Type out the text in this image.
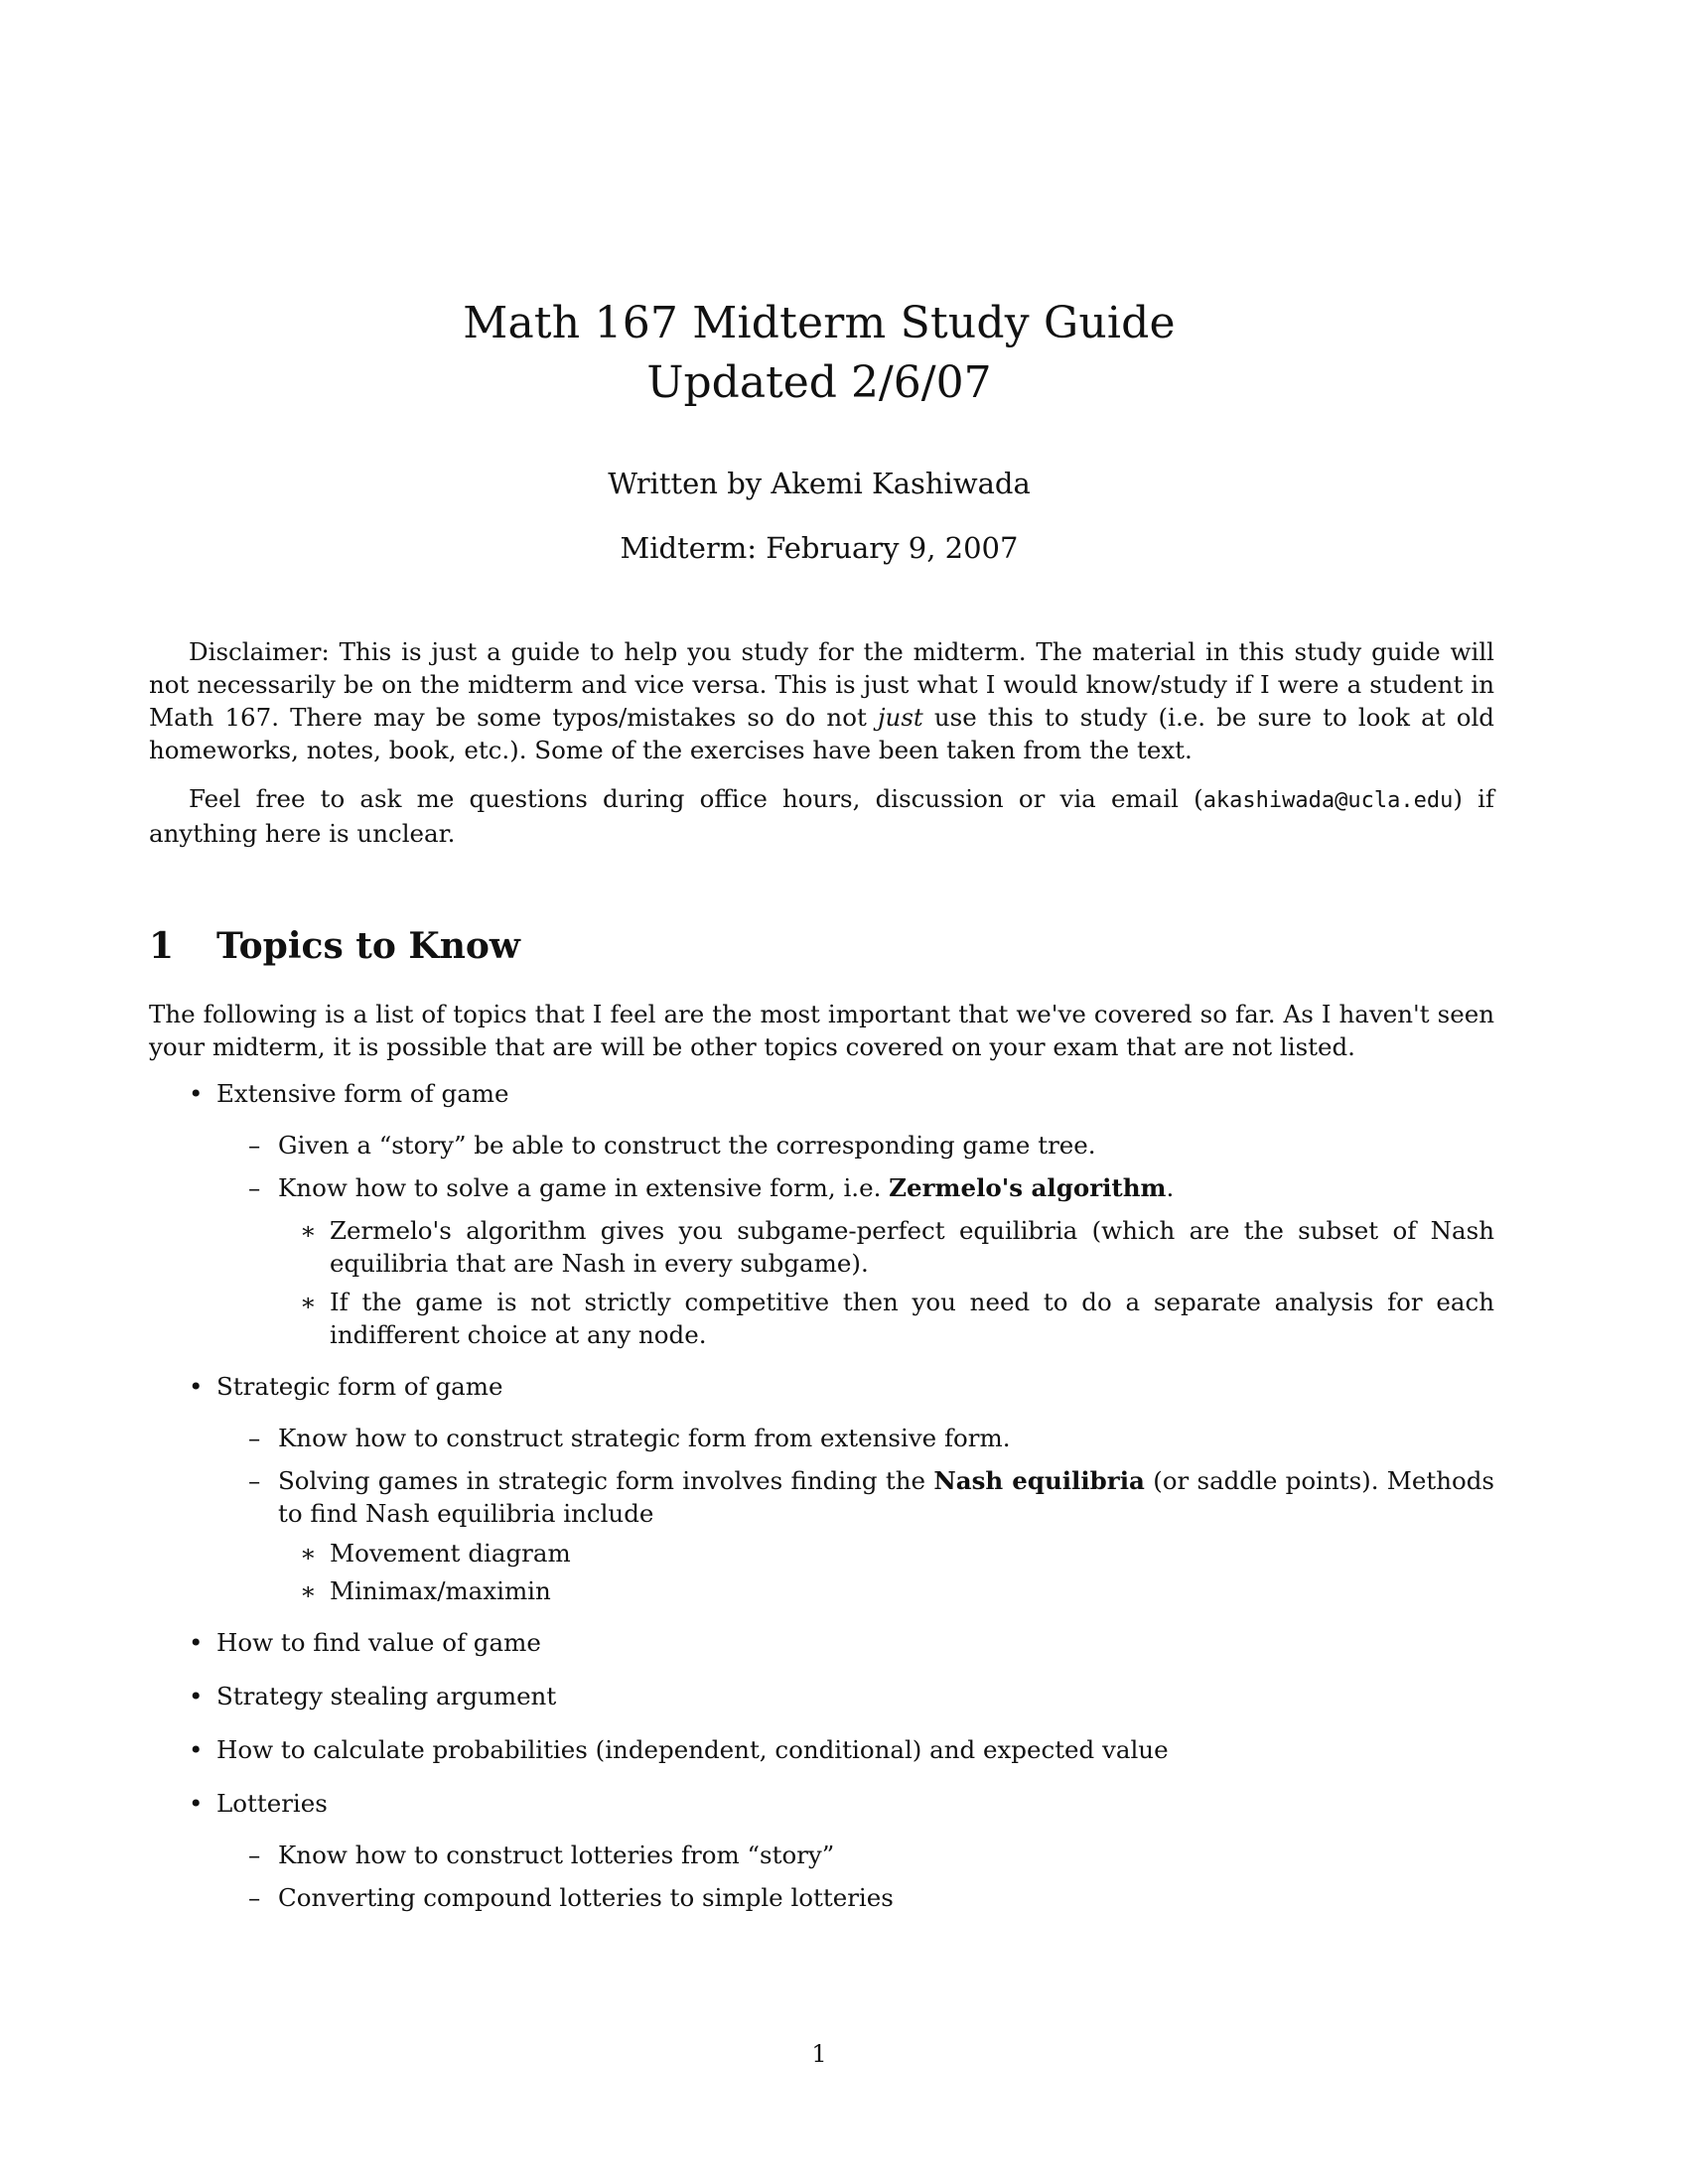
Math 167 Midterm Study Guide
Updated 2/6/07
Written by Akemi Kashiwada
Midterm: February 9, 2007
Disclaimer: This is just a guide to help you study for the midterm. The material in this study guide will not necessarily be on the midterm and vice versa. This is just what I would know/study if I were a student in Math 167. There may be some typos/mistakes so do not just use this to study (i.e. be sure to look at old homeworks, notes, book, etc.). Some of the exercises have been taken from the text.
Feel free to ask me questions during office hours, discussion or via email (akashiwada@ucla.edu) if anything here is unclear.
1 Topics to Know
The following is a list of topics that I feel are the most important that we've covered so far. As I haven't seen your midterm, it is possible that are will be other topics covered on your exam that are not listed.
• Extensive form of game
– Given a “story” be able to construct the corresponding game tree.
– Know how to solve a game in extensive form, i.e. Zermelo's algorithm.
∗ Zermelo's algorithm gives you subgame-perfect equilibria (which are the subset of Nash equilibria that are Nash in every subgame).
∗ If the game is not strictly competitive then you need to do a separate analysis for each indifferent choice at any node.
• Strategic form of game
– Know how to construct strategic form from extensive form.
– Solving games in strategic form involves finding the Nash equilibria (or saddle points). Methods to find Nash equilibria include
∗ Movement diagram
∗ Minimax/maximin
• How to find value of game
• Strategy stealing argument
• How to calculate probabilities (independent, conditional) and expected value
• Lotteries
– Know how to construct lotteries from “story”
– Converting compound lotteries to simple lotteries
1
